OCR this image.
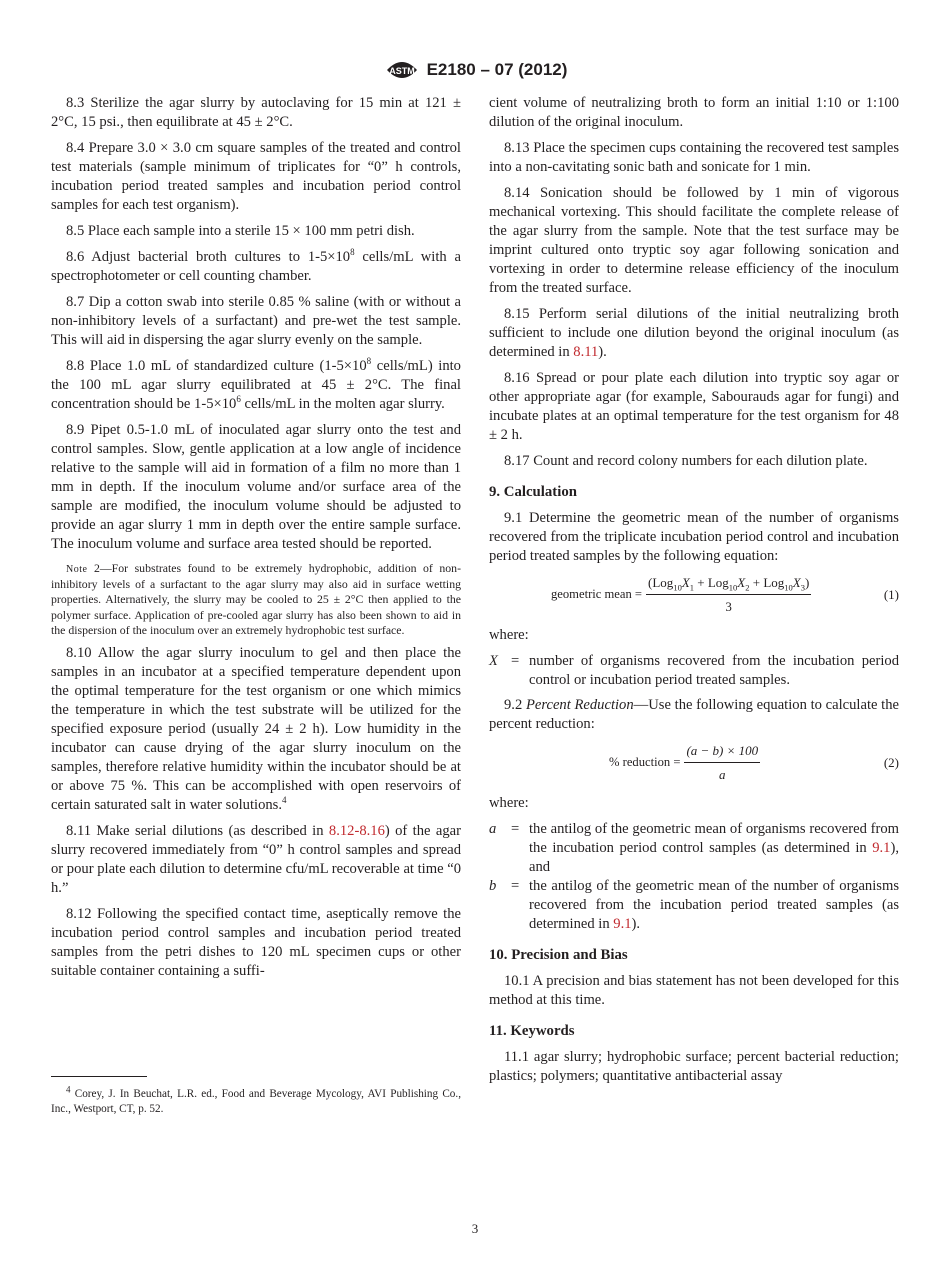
ASTM E2180 – 07 (2012)

8.3 Sterilize the agar slurry by autoclaving for 15 min at 121 ± 2°C, 15 psi., then equilibrate at 45 ± 2°C.

8.4 Prepare 3.0 × 3.0 cm square samples of the treated and control test materials (sample minimum of triplicates for “0” h controls, incubation period treated samples and incubation period control samples for each test organism).

8.5 Place each sample into a sterile 15 × 100 mm petri dish.

8.6 Adjust bacterial broth cultures to $1-5\times 10^8$ cells/mL with a spectrophotometer or cell counting chamber.

8.7 Dip a cotton swab into sterile 0.85 % saline (with or without a non-inhibitory levels of a surfactant) and pre-wet the test sample. This will aid in dispersing the agar slurry evenly on the sample.

8.8 Place 1.0 mL of standardized culture ($1-5\times 10^8$ cells/mL) into the 100 mL agar slurry equilibrated at 45 ± 2°C. The final concentration should be $1-5\times 10^6$ cells/mL in the molten agar slurry.

8.9 Pipet 0.5-1.0 mL of inoculated agar slurry onto the test and control samples. Slow, gentle application at a low angle of incidence relative to the sample will aid in formation of a film no more than 1 mm in depth. If the inoculum volume and/or surface area of the sample are modified, the inoculum volume should be adjusted to provide an agar slurry 1 mm in depth over the entire sample surface. The inoculum volume and surface area tested should be reported.

Note 2—For substrates found to be extremely hydrophobic, addition of non-inhibitory levels of a surfactant to the agar slurry may also aid in surface wetting properties. Alternatively, the slurry may be cooled to 25 ± 2°C then applied to the polymer surface. Application of pre-cooled agar slurry has also been shown to aid in the dispersion of the inoculum over an extremely hydrophobic test surface.

8.10 Allow the agar slurry inoculum to gel and then place the samples in an incubator at a specified temperature dependent upon the optimal temperature for the test organism or one which mimics the temperature in which the test substrate will be utilized for the specified exposure period (usually 24 ± 2 h). Low humidity in the incubator can cause drying of the agar slurry inoculum on the samples, therefore relative humidity within the incubator should be at or above 75 %. This can be accomplished with open reservoirs of certain saturated salt in water solutions.$^4$

8.11 Make serial dilutions (as described in 8.12-8.16) of the agar slurry recovered immediately from “0” h control samples and spread or pour plate each dilution to determine cfu/mL recoverable at time “0 h.”

8.12 Following the specified contact time, aseptically remove the incubation period control samples and incubation period treated samples from the petri dishes to 120 mL specimen cups or other suitable container containing a suffi-

cient volume of neutralizing broth to form an initial 1:10 or 1:100 dilution of the original inoculum.

8.13 Place the specimen cups containing the recovered test samples into a non-cavitating sonic bath and sonicate for 1 min.

8.14 Sonication should be followed by 1 min of vigorous mechanical vortexing. This should facilitate the complete release of the agar slurry from the sample. Note that the test surface may be imprint cultured onto tryptic soy agar following sonication and vortexing in order to determine release efficiency of the inoculum from the treated surface.

8.15 Perform serial dilutions of the initial neutralizing broth sufficient to include one dilution beyond the original inoculum (as determined in 8.11).

8.16 Spread or pour plate each dilution into tryptic soy agar or other appropriate agar (for example, Sabourauds agar for fungi) and incubate plates at an optimal temperature for the test organism for 48 ± 2 h.

8.17 Count and record colony numbers for each dilution plate.

9. Calculation

9.1 Determine the geometric mean of the number of organisms recovered from the triplicate incubation period control and incubation period treated samples by the following equation:

geometric mean = $\frac{(Log_{10}X_1 + Log_{10}X_2 + Log_{10}X_3)}{3}$	(1)

where:

X = number of organisms recovered from the incubation period control or incubation period treated samples.

9.2 Percent Reduction—Use the following equation to calculate the percent reduction:

% reduction = $\frac{(a - b) \times 100}{a}$	(2)

where:

a	= the antilog of the geometric mean of organisms recovered from the incubation period control samples (as determined in 9.1), and
b	= the antilog of the geometric mean of the number of organisms recovered from the incubation period treated samples (as determined in 9.1).
10. Precision and Bias

10.1 A precision and bias statement has not been developed for this method at this time.

11. Keywords

11.1 agar slurry; hydrophobic surface; percent bacterial reduction; plastics; polymers; quantitative antibacterial assay

$^4$ Corey, J. In Beuchat, L.R. ed., Food and Beverage Mycology, AVI Publishing Co., Inc., Westport, CT, p. 52.
3
